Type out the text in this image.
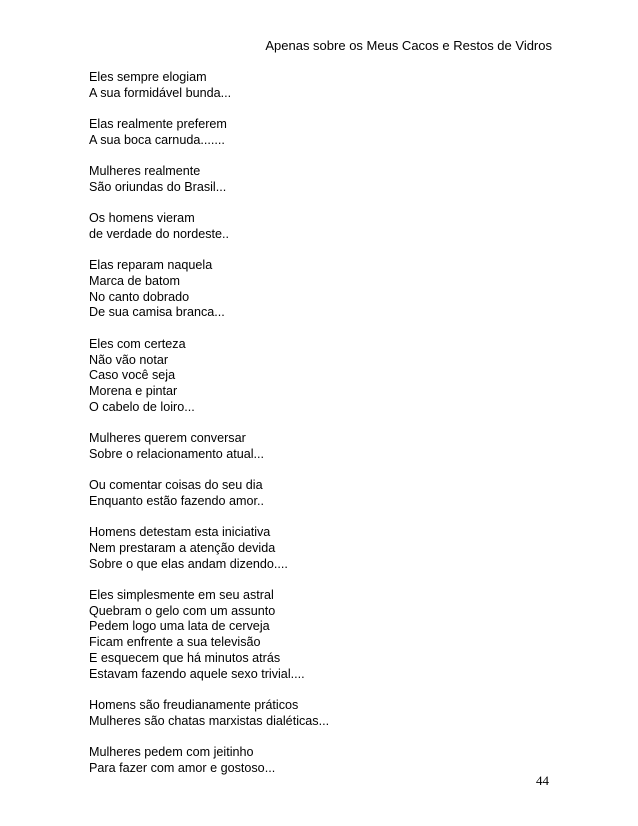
Apenas sobre os Meus Cacos e Restos de Vidros
Eles sempre elogiam
A sua formidável bunda...
Elas realmente preferem
A sua boca carnuda.......
Mulheres realmente
São oriundas do Brasil...
Os homens vieram
de verdade do nordeste..
Elas reparam naquela
Marca de batom
No canto dobrado
De sua camisa branca...
Eles com certeza
Não vão notar
Caso você seja
Morena e pintar
O cabelo de loiro...
Mulheres querem conversar
Sobre o relacionamento atual...
Ou comentar coisas do seu dia
Enquanto estão fazendo amor..
Homens detestam esta iniciativa
Nem prestaram a atenção devida
Sobre o que elas andam dizendo....
Eles simplesmente em seu astral
Quebram o gelo com um assunto
Pedem logo uma lata de cerveja
Ficam enfrente a sua televisão
E esquecem que há minutos atrás
Estavam fazendo aquele sexo trivial....
Homens são freudianamente práticos
Mulheres são chatas marxistas dialéticas...
Mulheres pedem com jeitinho
Para fazer com amor e gostoso...
44
